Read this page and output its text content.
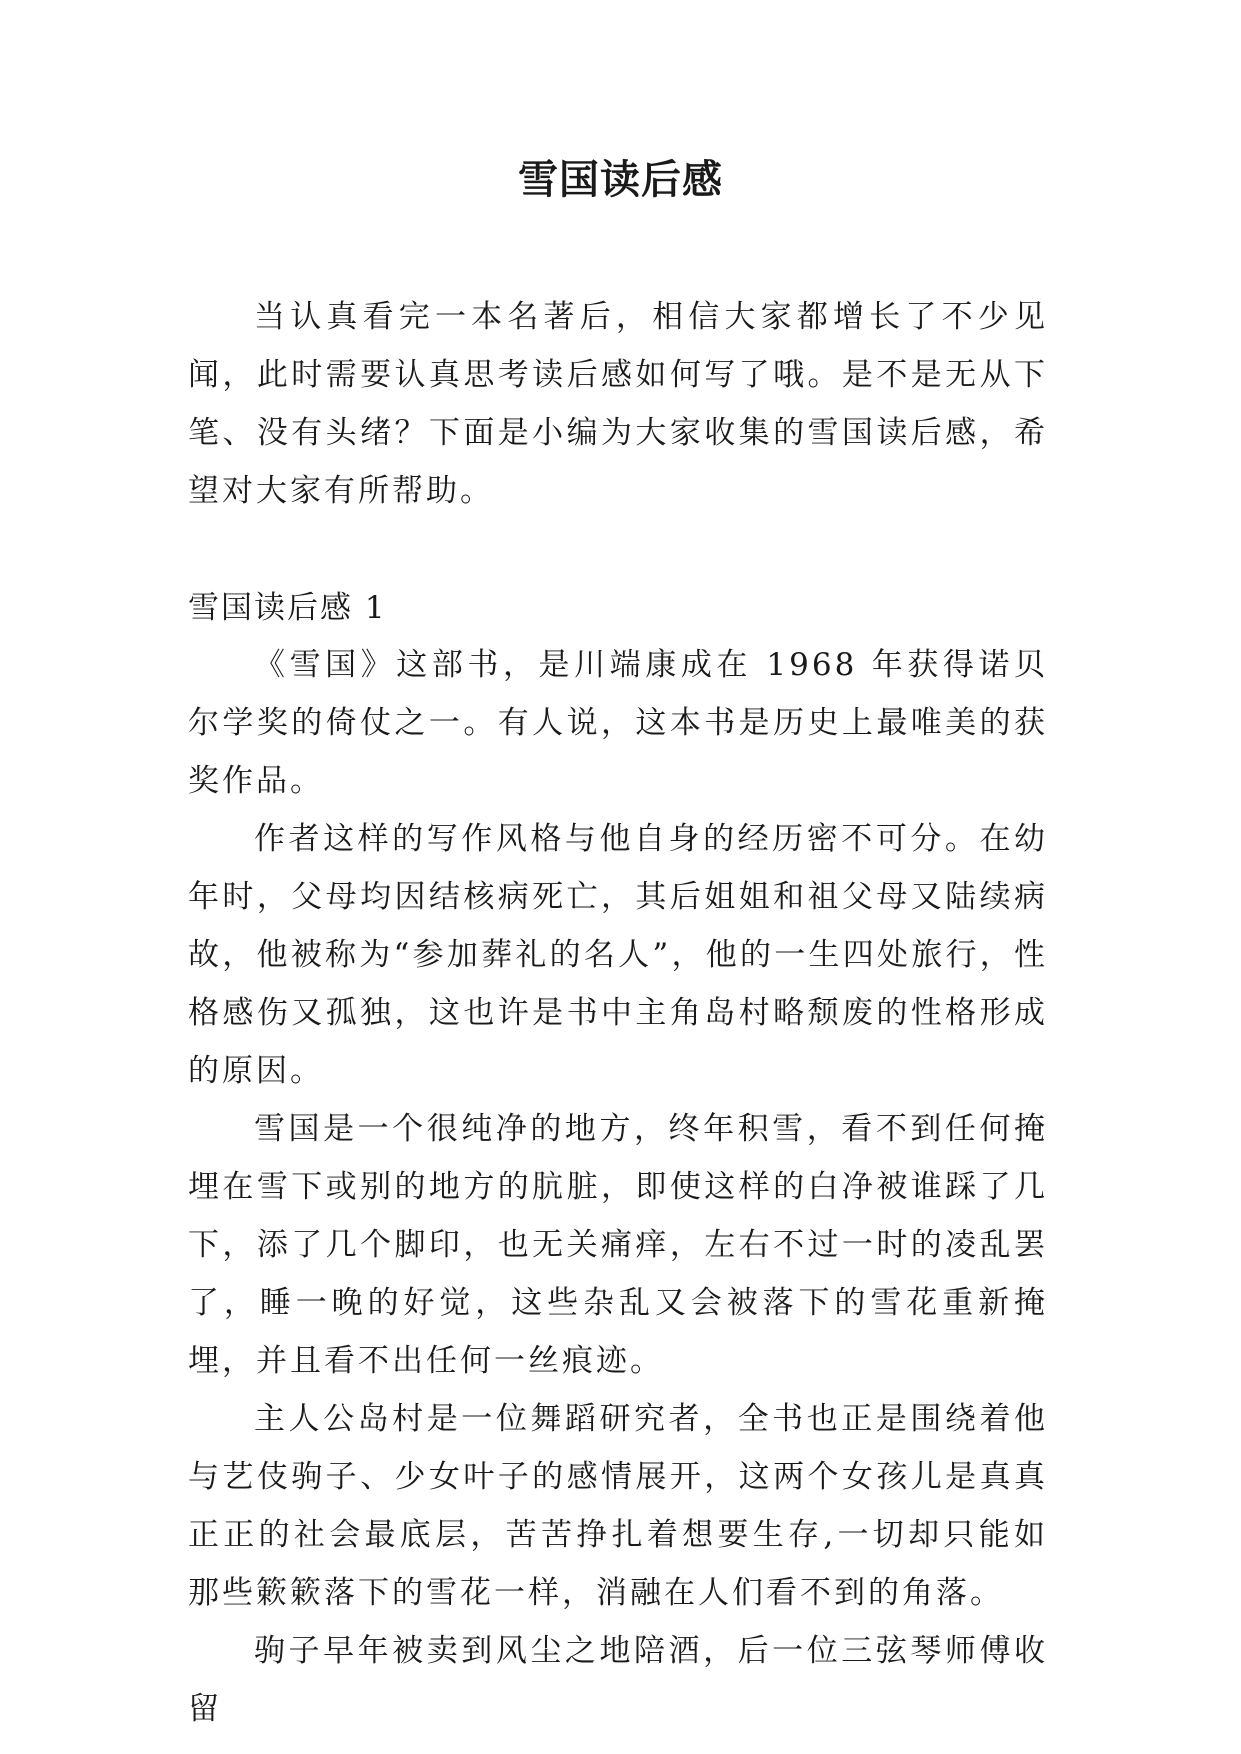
雪国读后感

当认真看完一本名著后，相信大家都增长了不少见闻，此时需要认真思考读后感如何写了哦。是不是无从下笔、没有头绪？下面是小编为大家收集的雪国读后感，希望对大家有所帮助。

雪国读后感 1

《雪国》这部书，是川端康成在 1968 年获得诺贝尔学奖的倚仗之一。有人说，这本书是历史上最唯美的获奖作品。

作者这样的写作风格与他自身的经历密不可分。在幼年时，父母均因结核病死亡，其后姐姐和祖父母又陆续病故，他被称为“参加葬礼的名人”，他的一生四处旅行，性格感伤又孤独，这也许是书中主角岛村略颓废的性格形成的原因。

雪国是一个很纯净的地方，终年积雪，看不到任何掩埋在雪下或别的地方的肮脏，即使这样的白净被谁踩了几下，添了几个脚印，也无关痛痒，左右不过一时的凌乱罢了，睡一晚的好觉，这些杂乱又会被落下的雪花重新掩埋，并且看不出任何一丝痕迹。

主人公岛村是一位舞蹈研究者，全书也正是围绕着他与艺伎驹子、少女叶子的感情展开，这两个女孩儿是真真正正的社会最底层，苦苦挣扎着想要生存,一切却只能如那些簌簌落下的雪花一样，消融在人们看不到的角落。

驹子早年被卖到风尘之地陪酒，后一位三弦琴师傅收留
